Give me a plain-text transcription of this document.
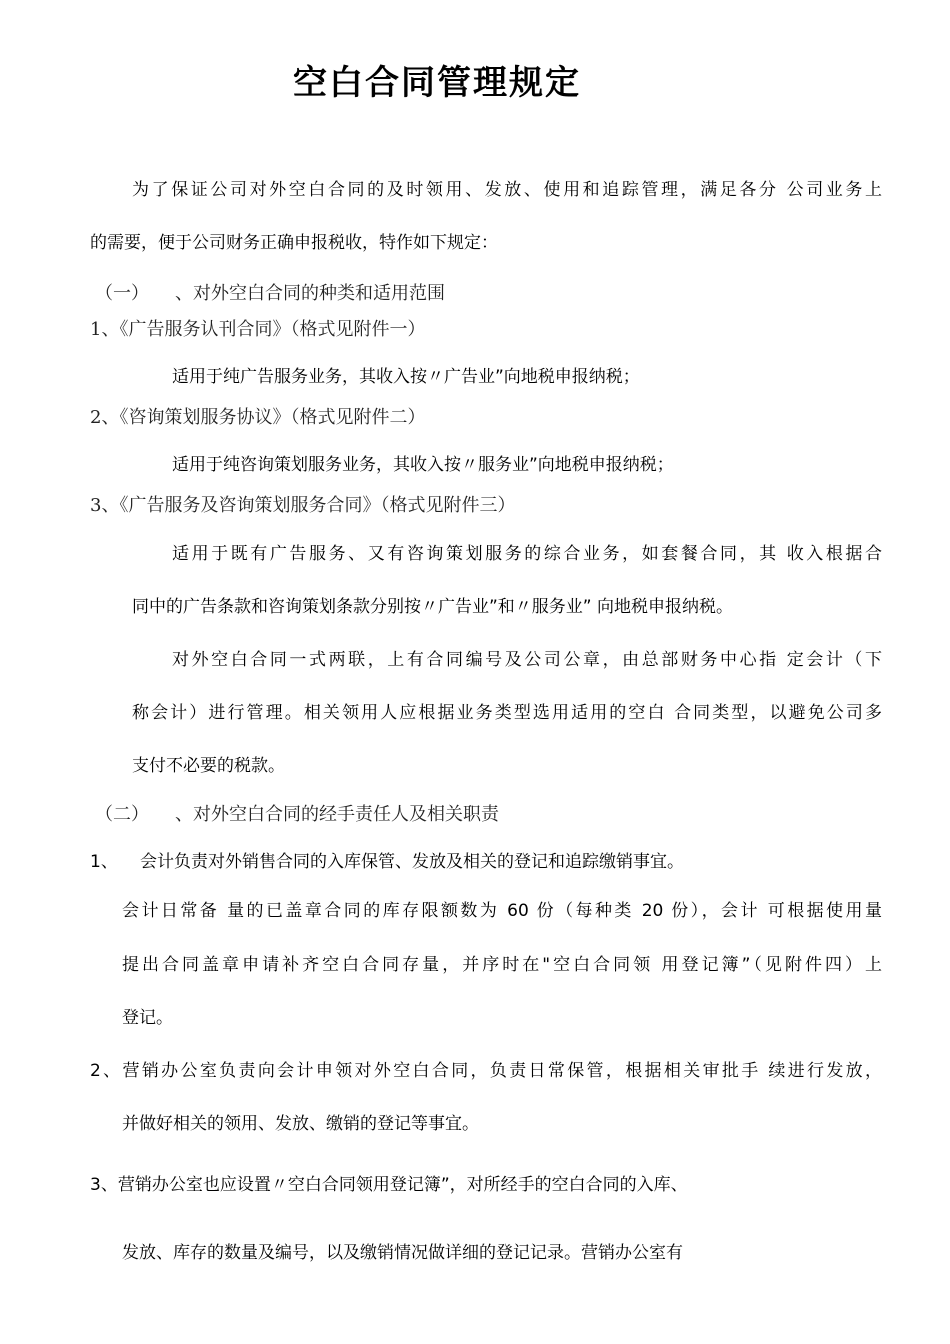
空白合同管理规定
为了保证公司对外空白合同的及时领用、发放、使用和追踪管理，满足各分 公司业务上
的需要，便于公司财务正确申报税收，特作如下规定：
（一） 、对外空白合同的种类和适用范围
1、《广告服务认刊合同》（格式见附件一）
适用于纯广告服务业务，其收入按〃广告业”向地税申报纳税；
2、《咨询策划服务协议》（格式见附件二）
适用于纯咨询策划服务业务，其收入按〃服务业”向地税申报纳税；
3、《广告服务及咨询策划服务合同》（格式见附件三）
适用于既有广告服务、又有咨询策划服务的综合业务，如套餐合同，其 收入根据合
同中的广告条款和咨询策划条款分别按〃广告业”和〃服务业” 向地税申报纳税。
对外空白合同一式两联，上有合同编号及公司公章，由总部财务中心指 定会计（下
称会计）进行管理。相关领用人应根据业务类型选用适用的空白 合同类型，以避免公司多
支付不必要的税款。
（二） 、对外空白合同的经手责任人及相关职责
1、 会计负责对外销售合同的入库保管、发放及相关的登记和追踪缴销事宜。
会计日常备 量的已盖章合同的库存限额数为 60 份（每种类 20 份），会计 可根据使用量
提出合同盖章申请补齐空白合同存量，并序时在"空白合同领 用登记簿”（见附件四）上
登记。
2、营销办公室负责向会计申领对外空白合同，负责日常保管，根据相关审批手 续进行发放，
并做好相关的领用、发放、缴销的登记等事宜。
3、营销办公室也应设置〃空白合同领用登记簿”，对所经手的空白合同的入库、
发放、库存的数量及编号，以及缴销情况做详细的登记记录。营销办公室有
